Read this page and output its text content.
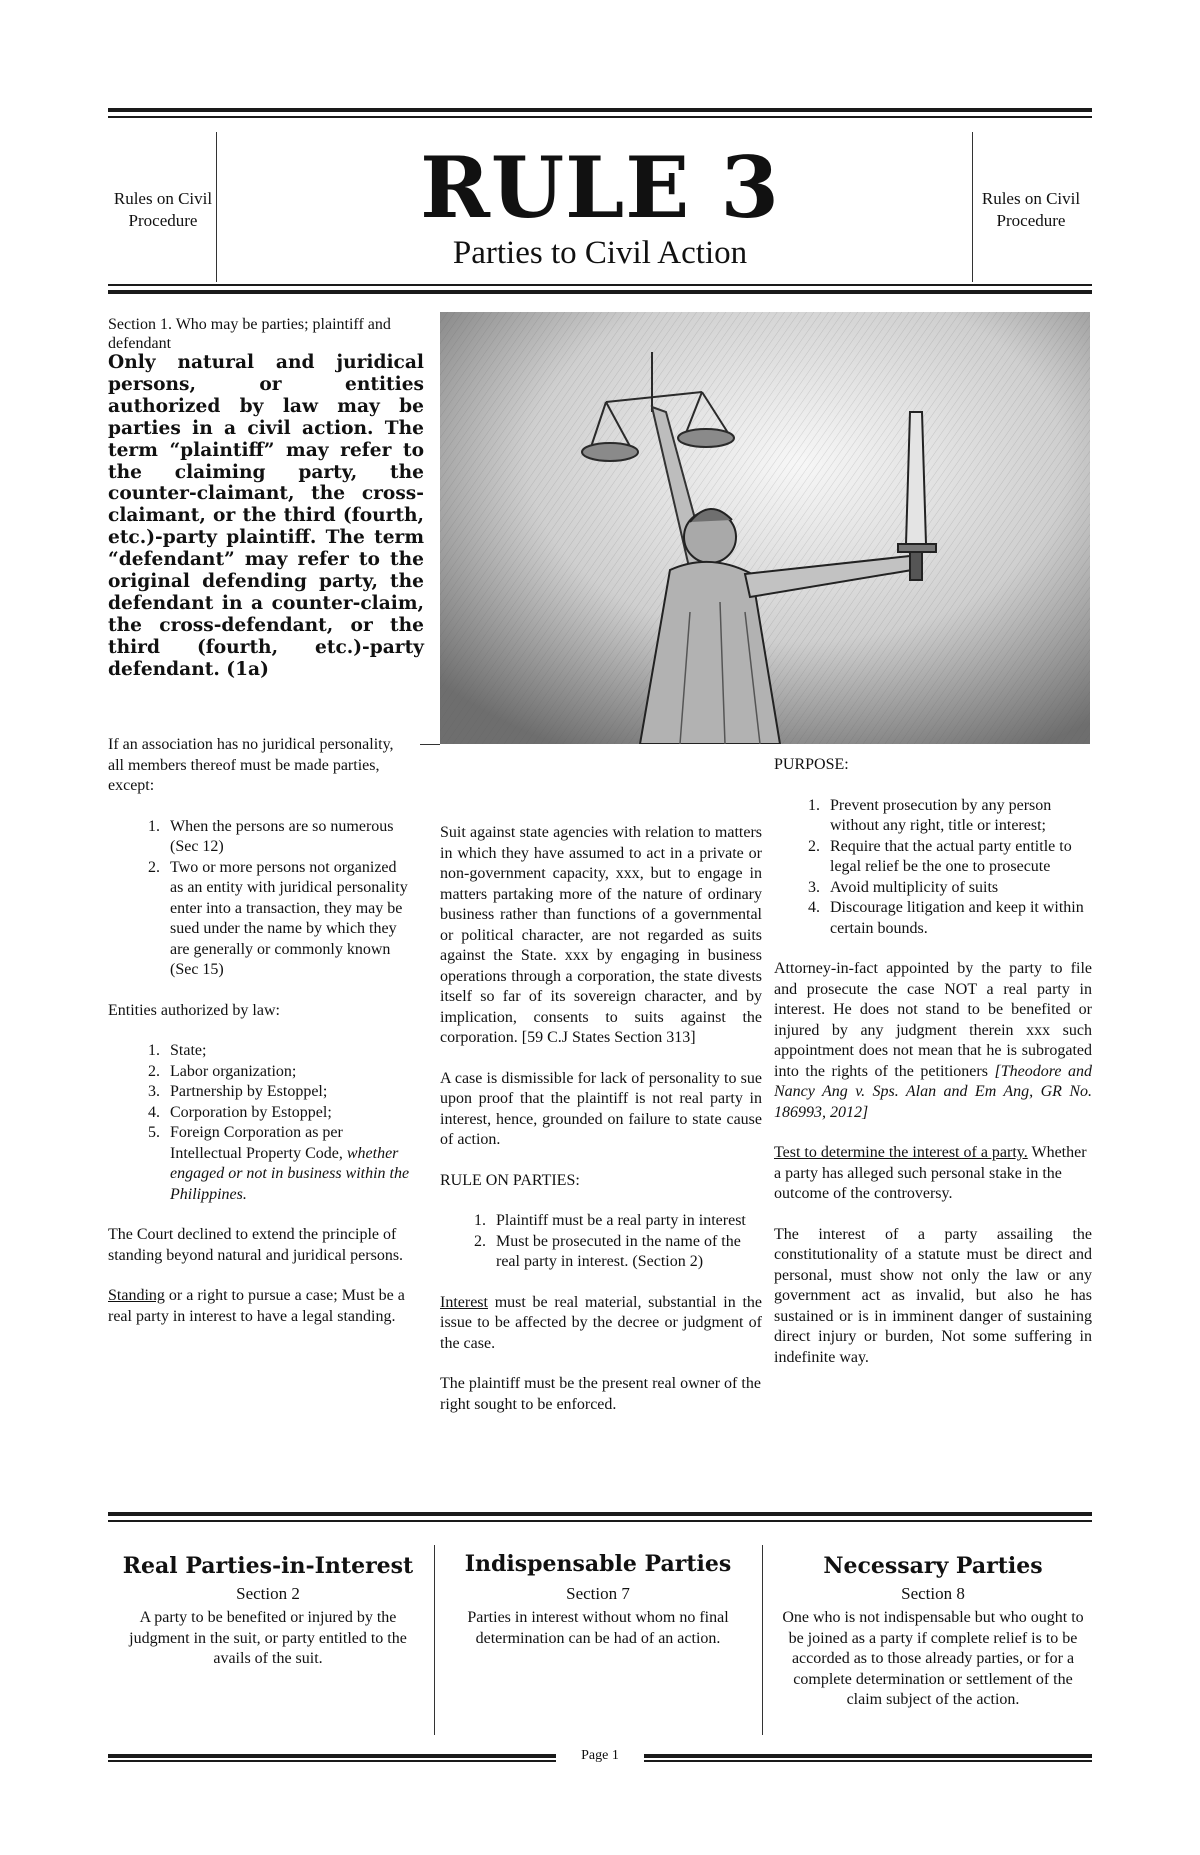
Rules on Civil Procedure
Rules on Civil Procedure
RULE 3
Parties to Civil Action
Section 1. Who may be parties; plaintiff and defendant
Only natural and juridical persons, or entities authorized by law may be parties in a civil action. The term “plaintiff” may refer to the claiming party, the counter-claimant, the cross-claimant, or the third (fourth, etc.)-party plaintiff. The term “defendant” may refer to the original defending party, the defendant in a counter-claim, the cross-defendant, or the third (fourth, etc.)-party defendant. (1a)

If an association has no juridical personality, all members thereof must be made parties, except:

1. When the persons are so numerous (Sec 12)
2. Two or more persons not organized as an entity with juridical personality enter into a transaction, they may be sued under the name by which they are generally or commonly known (Sec 15)

Entities authorized by law:

1. State;
2. Labor organization;
3. Partnership by Estoppel;
4. Corporation by Estoppel;
5. Foreign Corporation as per Intellectual Property Code, whether engaged or not in business within the Philippines.

The Court declined to extend the principle of standing beyond natural and juridical persons.

Standing or a right to pursue a case; Must be a real party in interest to have a legal standing.

Suit against state agencies with relation to matters in which they have assumed to act in a private or non-government capacity, xxx, but to engage in matters partaking more of the nature of ordinary business rather than functions of a governmental or political character, are not regarded as suits against the State. xxx by engaging in business operations through a corporation, the state divests itself so far of its sovereign character, and by implication, consents to suits against the corporation. [59 C.J States Section 313]

A case is dismissible for lack of personality to sue upon proof that the plaintiff is not real party in interest, hence, grounded on failure to state cause of action.

RULE ON PARTIES:

1. Plaintiff must be a real party in interest
2. Must be prosecuted in the name of the real party in interest. (Section 2)

Interest must be real material, substantial in the issue to be affected by the decree or judgment of the case.

The plaintiff must be the present real owner of the right sought to be enforced.

PURPOSE:

1. Prevent prosecution by any person without any right, title or interest;
2. Require that the actual party entitle to legal relief be the one to prosecute
3. Avoid multiplicity of suits
4. Discourage litigation and keep it within certain bounds.

Attorney-in-fact appointed by the party to file and prosecute the case NOT a real party in interest. He does not stand to be benefited or injured by any judgment therein xxx such appointment does not mean that he is subrogated into the rights of the petitioners [Theodore and Nancy Ang v. Sps. Alan and Em Ang, GR No. 186993, 2012]

Test to determine the interest of a party. Whether a party has alleged such personal stake in the outcome of the controversy.

The interest of a party assailing the constitutionality of a statute must be direct and personal, must show not only the law or any government act as invalid, but also he has sustained or is in imminent danger of sustaining direct injury or burden, Not some suffering in indefinite way.

Real Parties-in-Interest
Section 2
A party to be benefited or injured by the judgment in the suit, or party entitled to the avails of the suit.
Indispensable Parties
Section 7
Parties in interest without whom no final determination can be had of an action.
Necessary Parties
Section 8
One who is not indispensable but who ought to be joined as a party if complete relief is to be accorded as to those already parties, or for a complete determination or settlement of the claim subject of the action.
Page 1
